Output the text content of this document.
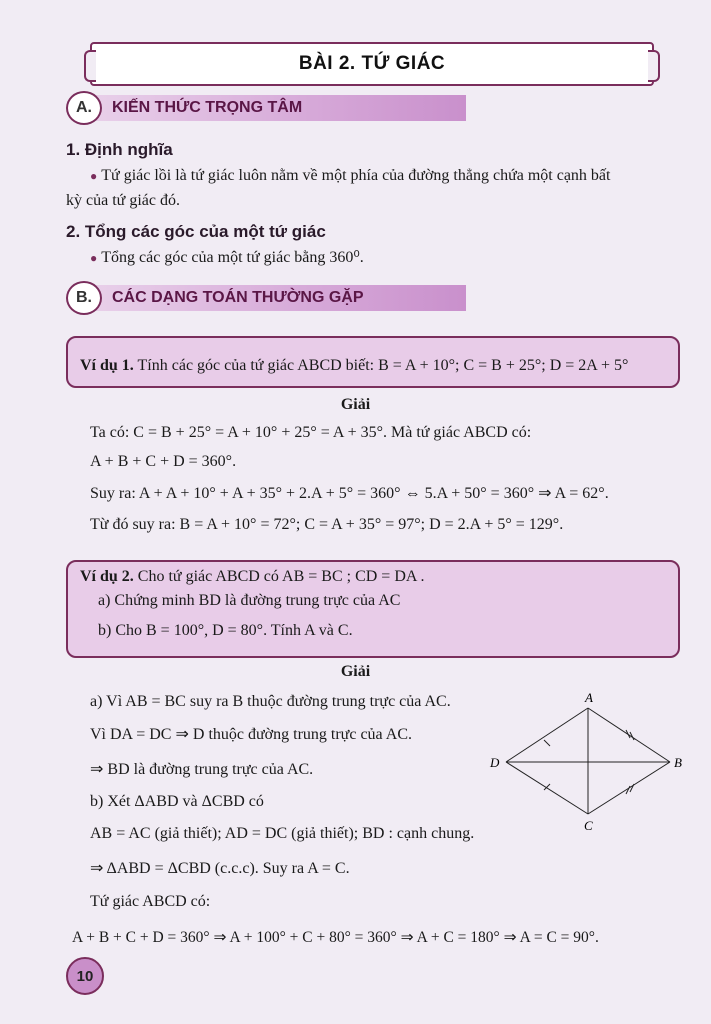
BÀI 2. TỨ GIÁC
A.	KIẾN THỨC TRỌNG TÂM
1. Định nghĩa
● Tứ giác lồi là tứ giác luôn nằm về một phía của đường thẳng chứa một cạnh bất
kỳ của tứ giác đó.
2. Tổng các góc của một tứ giác
● Tổng các góc của một tứ giác bằng 360⁰.
B.	CÁC DẠNG TOÁN THƯỜNG GẶP
Ví dụ 1. Tính các góc của tứ giác ABCD biết: B = A + 10°; C = B + 25°; D = 2A + 5°
Giải
Ta có: C = B + 25° = A + 10° + 25° = A + 35°. Mà tứ giác ABCD có:
A + B + C + D = 360°.
Suy ra: A + A + 10° + A + 35° + 2.A + 5° = 360° ⇔ 5.A + 50° = 360° ⇒ A = 62°.
Từ đó suy ra: B = A + 10° = 72°; C = A + 35° = 97°; D = 2.A + 5° = 129°.
Ví dụ 2. Cho tứ giác ABCD có AB = BC ; CD = DA .
a) Chứng minh BD là đường trung trực của AC
b) Cho B = 100°, D = 80°. Tính A và C.
Giải
a) Vì AB = BC suy ra B thuộc đường trung trực của AC.
Vì DA = DC ⇒ D thuộc đường trung trực của AC.
⇒ BD là đường trung trực của AC.
b) Xét ΔABD và ΔCBD có
AB = AC (giả thiết); AD = DC (giả thiết); BD : cạnh chung.
⇒ ΔABD = ΔCBD (c.c.c). Suy ra A = C.
Tứ giác ABCD có:
A + B + C + D = 360° ⇒ A + 100° + C + 80° = 360° ⇒ A + C = 180° ⇒ A = C = 90°.
A
B
C
D
10
